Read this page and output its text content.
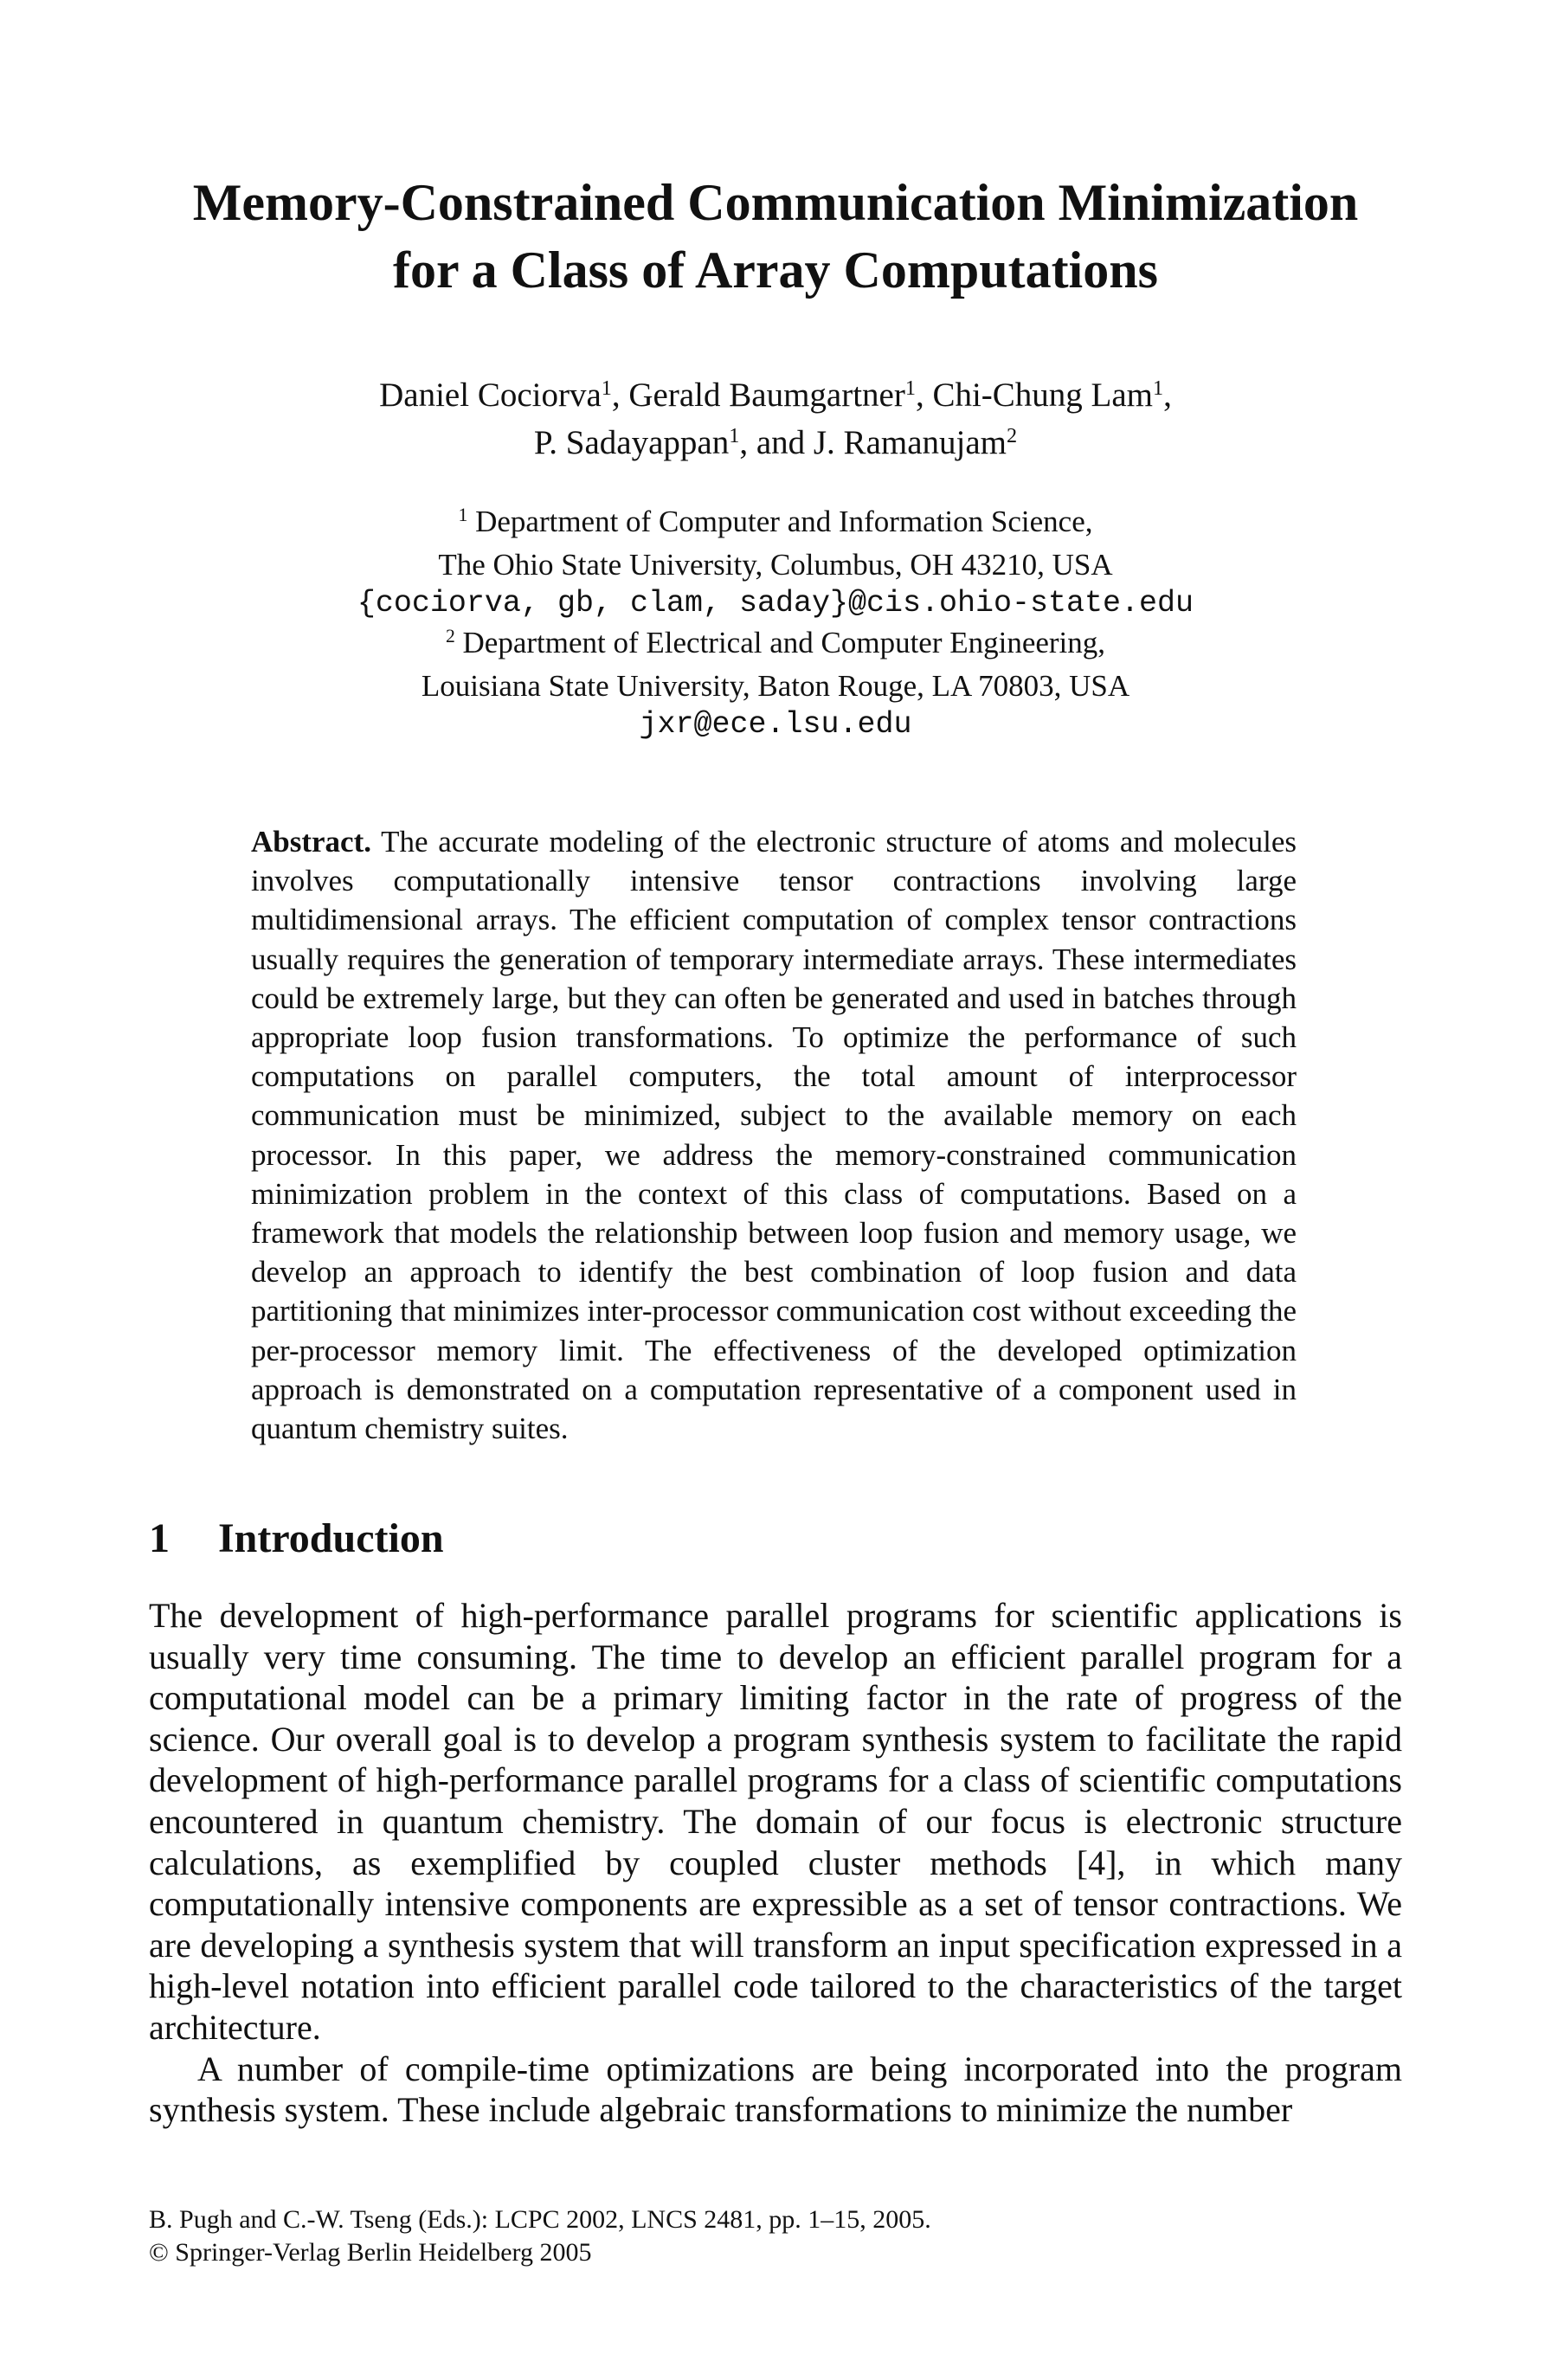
Memory-Constrained Communication Minimization
for a Class of Array Computations
Daniel Cociorva$^1$, Gerald Baumgartner$^1$, Chi-Chung Lam$^1$,
P. Sadayappan$^1$, and J. Ramanujam$^2$
$^1$ Department of Computer and Information Science,
The Ohio State University, Columbus, OH 43210, USA
{cociorva, gb, clam, saday}@cis.ohio-state.edu
$^2$ Department of Electrical and Computer Engineering,
Louisiana State University, Baton Rouge, LA 70803, USA
jxr@ece.lsu.edu
Abstract. The accurate modeling of the electronic structure of atoms and molecules involves computationally intensive tensor contractions involving large multidimensional arrays. The efficient computation of complex tensor contractions usually requires the generation of temporary intermediate arrays. These intermediates could be extremely large, but they can often be generated and used in batches through appropriate loop fusion transformations. To optimize the performance of such computations on parallel computers, the total amount of interprocessor communication must be minimized, subject to the available memory on each processor. In this paper, we address the memory-constrained communication minimization problem in the context of this class of computations. Based on a framework that models the relationship between loop fusion and memory usage, we develop an approach to identify the best combination of loop fusion and data partitioning that minimizes inter-processor communication cost without exceeding the per-processor memory limit. The effectiveness of the developed optimization approach is demonstrated on a computation representative of a component used in quantum chemistry suites.
1 Introduction

The development of high-performance parallel programs for scientific applications is usually very time consuming. The time to develop an efficient parallel program for a computational model can be a primary limiting factor in the rate of progress of the science. Our overall goal is to develop a program synthesis system to facilitate the rapid development of high-performance parallel programs for a class of scientific computations encountered in quantum chemistry. The domain of our focus is electronic structure calculations, as exemplified by coupled cluster methods [4], in which many computationally intensive components are expressible as a set of tensor contractions. We are developing a synthesis system that will transform an input specification expressed in a high-level notation into efficient parallel code tailored to the characteristics of the target architecture.

A number of compile-time optimizations are being incorporated into the program synthesis system. These include algebraic transformations to minimize the number

B. Pugh and C.-W. Tseng (Eds.): LCPC 2002, LNCS 2481, pp. 1–15, 2005.
© Springer-Verlag Berlin Heidelberg 2005
